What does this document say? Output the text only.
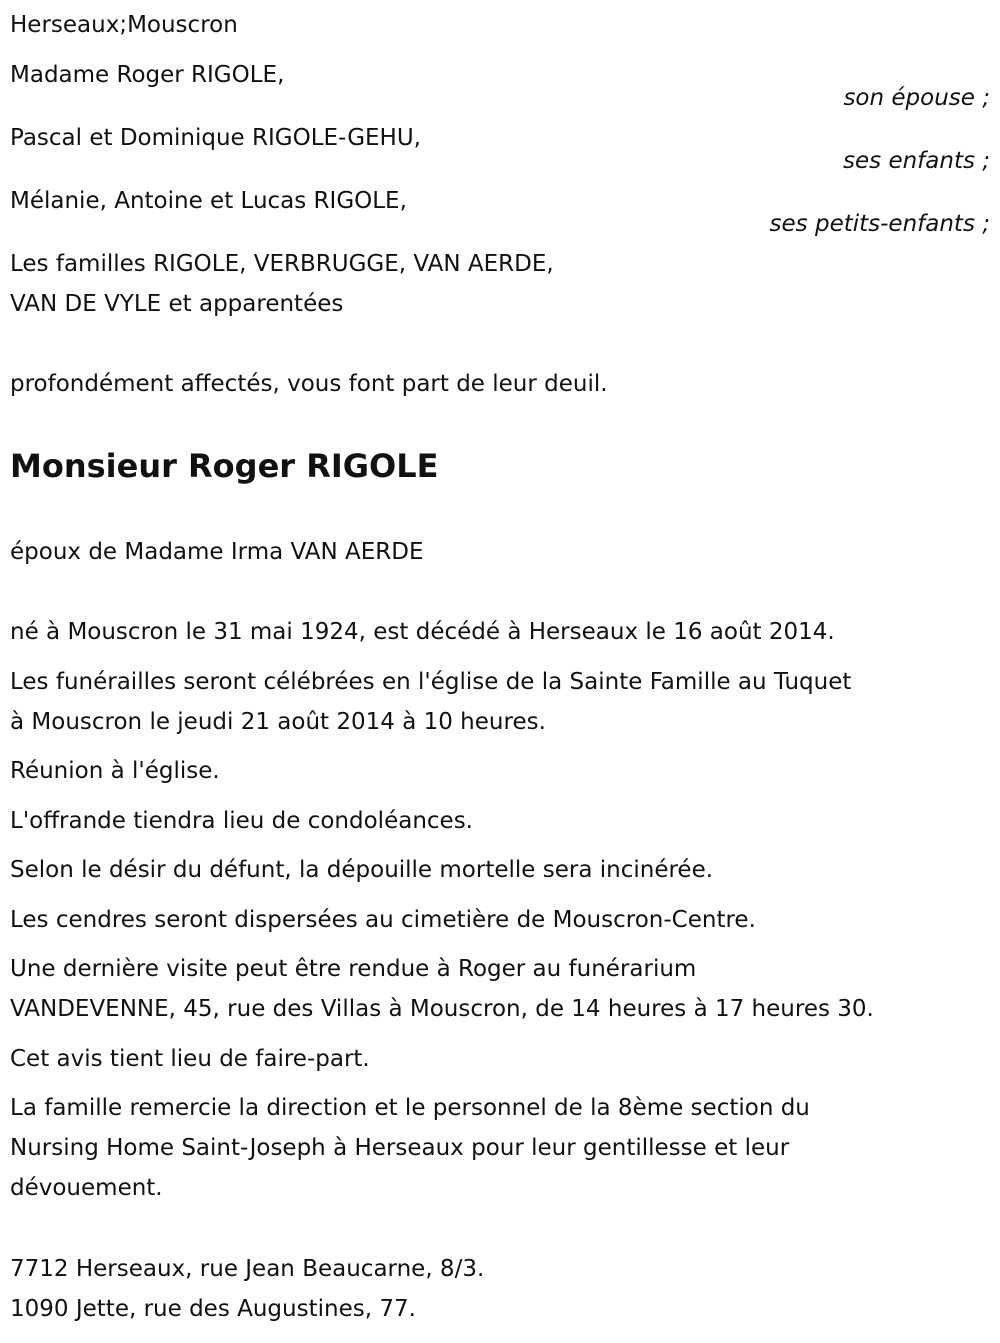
Herseaux;Mouscron
Madame Roger RIGOLE,
son épouse ;
Pascal et Dominique RIGOLE-GEHU,
ses enfants ;
Mélanie, Antoine et Lucas RIGOLE,
ses petits-enfants ;
Les familles RIGOLE, VERBRUGGE, VAN AERDE,
VAN DE VYLE et apparentées
profondément affectés, vous font part de leur deuil.
Monsieur Roger RIGOLE
époux de Madame Irma VAN AERDE
né à Mouscron le 31 mai 1924, est décédé à Herseaux le 16 août 2014.
Les funérailles seront célébrées en l'église de la Sainte Famille au Tuquet
à Mouscron le jeudi 21 août 2014 à 10 heures.
Réunion à l'église.
L'offrande tiendra lieu de condoléances.
Selon le désir du défunt, la dépouille mortelle sera incinérée.
Les cendres seront dispersées au cimetière de Mouscron-Centre.
Une dernière visite peut être rendue à Roger au funérarium
VANDEVENNE, 45, rue des Villas à Mouscron, de 14 heures à 17 heures 30.
Cet avis tient lieu de faire-part.
La famille remercie la direction et le personnel de la 8ème section du
Nursing Home Saint-Joseph à Herseaux pour leur gentillesse et leur
dévouement.
7712 Herseaux, rue Jean Beaucarne, 8/3.
1090 Jette, rue des Augustines, 77.
